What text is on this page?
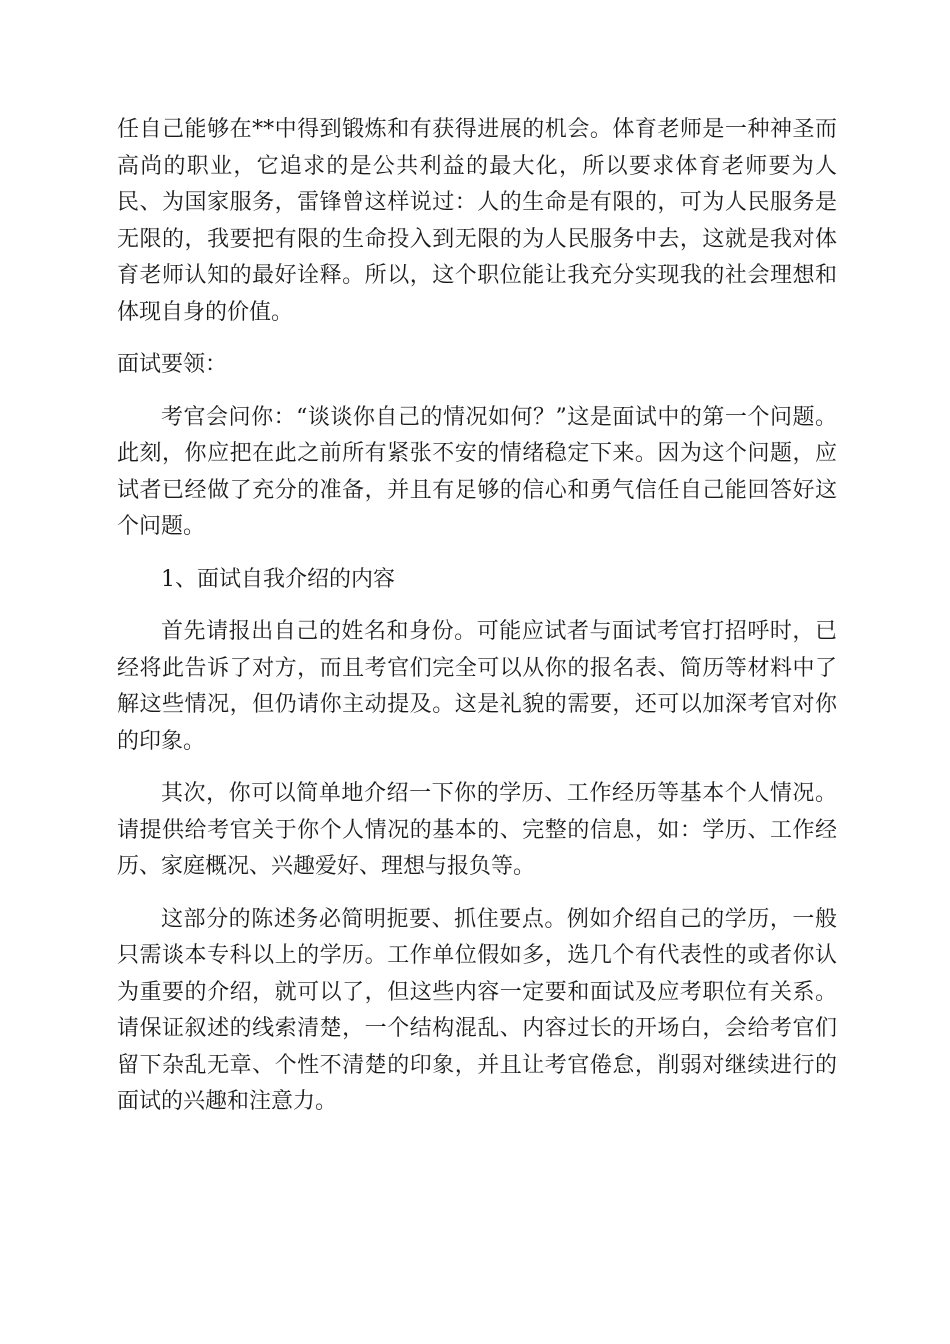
任自己能够在**中得到锻炼和有获得进展的机会。体育老师是一种神圣而高尚的职业，它追求的是公共利益的最大化，所以要求体育老师要为人民、为国家服务，雷锋曾这样说过：人的生命是有限的，可为人民服务是无限的，我要把有限的生命投入到无限的为人民服务中去，这就是我对体育老师认知的最好诠释。所以，这个职位能让我充分实现我的社会理想和体现自身的价值。

面试要领：

考官会问你：“谈谈你自己的情况如何？”这是面试中的第一个问题。此刻，你应把在此之前所有紧张不安的情绪稳定下来。因为这个问题，应试者已经做了充分的准备，并且有足够的信心和勇气信任自己能回答好这个问题。

1、面试自我介绍的内容

首先请报出自己的姓名和身份。可能应试者与面试考官打招呼时，已经将此告诉了对方，而且考官们完全可以从你的报名表、简历等材料中了解这些情况，但仍请你主动提及。这是礼貌的需要，还可以加深考官对你的印象。

其次，你可以简单地介绍一下你的学历、工作经历等基本个人情况。请提供给考官关于你个人情况的基本的、完整的信息，如：学历、工作经历、家庭概况、兴趣爱好、理想与报负等。

这部分的陈述务必简明扼要、抓住要点。例如介绍自己的学历，一般只需谈本专科以上的学历。工作单位假如多，选几个有代表性的或者你认为重要的介绍，就可以了，但这些内容一定要和面试及应考职位有关系。请保证叙述的线索清楚，一个结构混乱、内容过长的开场白，会给考官们留下杂乱无章、个性不清楚的印象，并且让考官倦怠，削弱对继续进行的面试的兴趣和注意力。
